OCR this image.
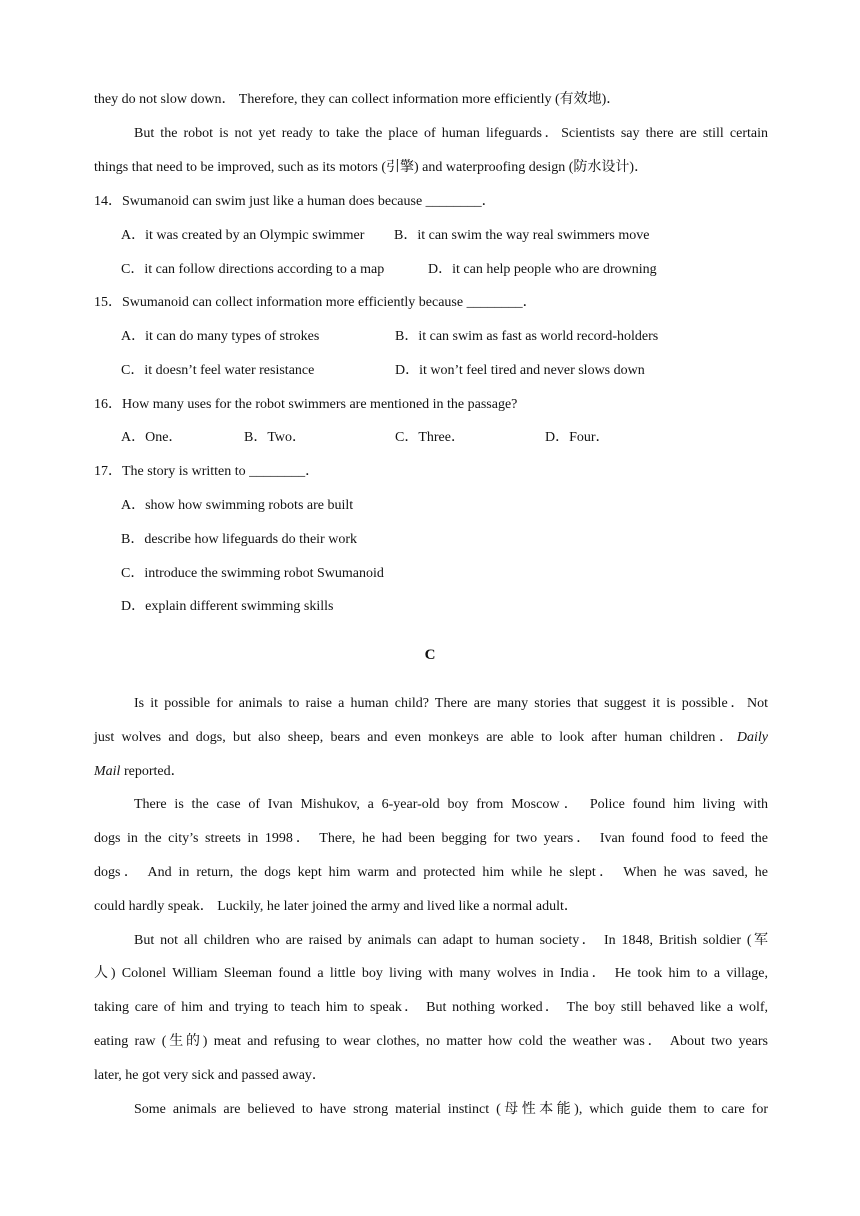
they do not slow down． Therefore, they can collect information more efficiently (有效地)．
But the robot is not yet ready to take the place of human lifeguards．Scientists say there are still certain
things that need to be improved, such as its motors (引擎) and waterproofing design (防水设计)．
14．Swumanoid can swim just like a human does because ________．
A．it was created by an Olympic swimmer	B．it can swim the way real swimmers move
C．it can follow directions according to a map	D．it can help people who are drowning
15．Swumanoid can collect information more efficiently because ________．
A．it can do many types of strokes	B．it can swim as fast as world record-holders
C．it doesn’t feel water resistance	D．it won’t feel tired and never slows down
16．How many uses for the robot swimmers are mentioned in the passage?
A．One．	B．Two．	C．Three．	D．Four．
17．The story is written to ________．
A．show how swimming robots are built
B．describe how lifeguards do their work
C．introduce the swimming robot Swumanoid
D．explain different swimming skills
C
Is it possible for animals to raise a human child? There are many stories that suggest it is possible．Not
just wolves and dogs, but also sheep, bears and even monkeys are able to look after human children．Daily
Mail reported．
There is the case of Ivan Mishukov, a 6-year-old boy from Moscow． Police found him living with
dogs in the city’s streets in 1998． There, he had been begging for two years． Ivan found food to feed the
dogs． And in return, the dogs kept him warm and protected him while he slept． When he was saved, he
could hardly speak． Luckily, he later joined the army and lived like a normal adult．
But not all children who are raised by animals can adapt to human society． In 1848, British soldier (军
人) Colonel William Sleeman found a little boy living with many wolves in India． He took him to a village,
taking care of him and trying to teach him to speak． But nothing worked． The boy still behaved like a wolf,
eating raw (生的) meat and refusing to wear clothes, no matter how cold the weather was． About two years
later, he got very sick and passed away．
Some animals are believed to have strong material instinct (母性本能), which guide them to care for
